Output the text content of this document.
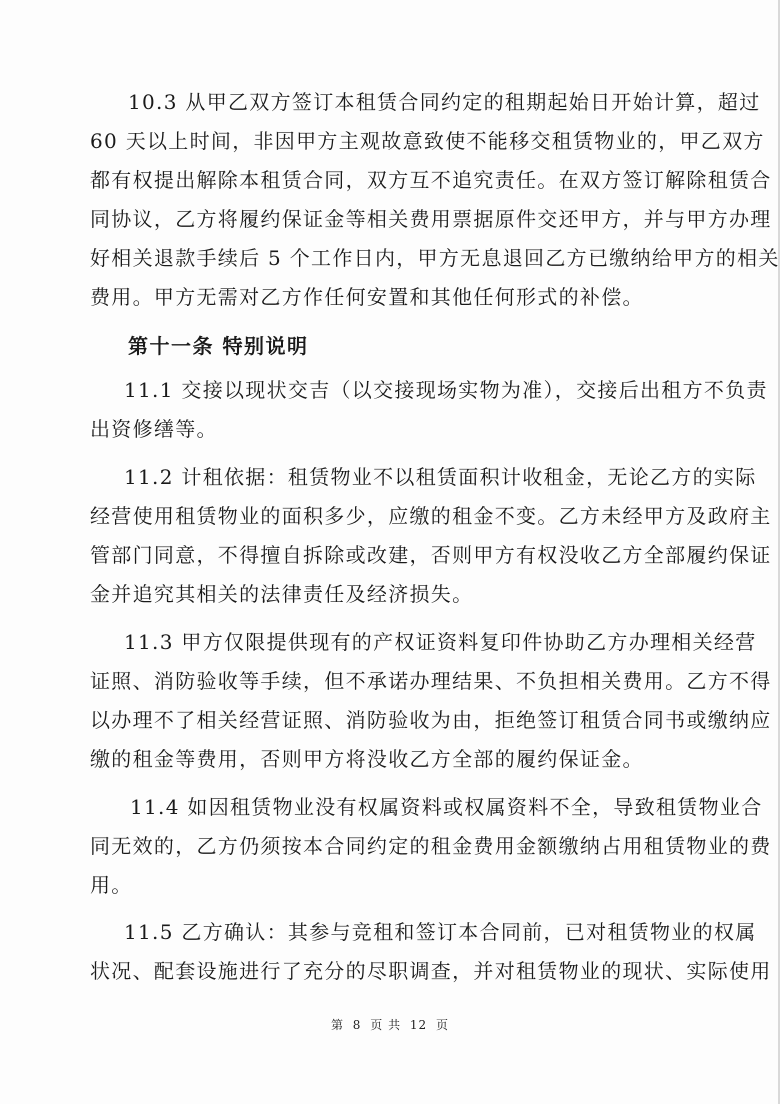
10.3 从甲乙双方签订本租赁合同约定的租期起始日开始计算，超过
60 天以上时间，非因甲方主观故意致使不能移交租赁物业的，甲乙双方
都有权提出解除本租赁合同，双方互不追究责任。在双方签订解除租赁合
同协议，乙方将履约保证金等相关费用票据原件交还甲方，并与甲方办理
好相关退款手续后 5 个工作日内，甲方无息退回乙方已缴纳给甲方的相关
费用。甲方无需对乙方作任何安置和其他任何形式的补偿。
第十一条 特别说明
11.1 交接以现状交吉（以交接现场实物为准），交接后出租方不负责
出资修缮等。
11.2 计租依据：租赁物业不以租赁面积计收租金，无论乙方的实际
经营使用租赁物业的面积多少，应缴的租金不变。乙方未经甲方及政府主
管部门同意，不得擅自拆除或改建，否则甲方有权没收乙方全部履约保证
金并追究其相关的法律责任及经济损失。
11.3 甲方仅限提供现有的产权证资料复印件协助乙方办理相关经营
证照、消防验收等手续，但不承诺办理结果、不负担相关费用。乙方不得
以办理不了相关经营证照、消防验收为由，拒绝签订租赁合同书或缴纳应
缴的租金等费用，否则甲方将没收乙方全部的履约保证金。
11.4 如因租赁物业没有权属资料或权属资料不全，导致租赁物业合
同无效的，乙方仍须按本合同约定的租金费用金额缴纳占用租赁物业的费
用。
11.5 乙方确认：其参与竞租和签订本合同前，已对租赁物业的权属
状况、配套设施进行了充分的尽职调查，并对租赁物业的现状、实际使用
第 8 页 共 12 页
